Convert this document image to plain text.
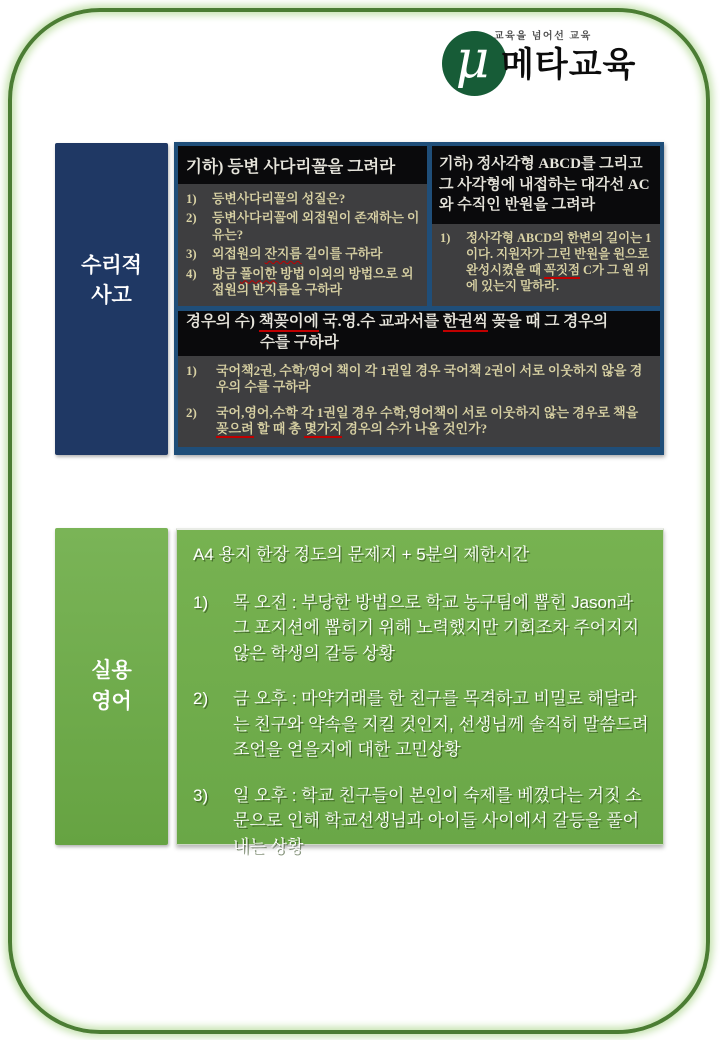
μ 교육을 넘어선 교육
메타교육
수리적
사고
기하) 등변 사다리꼴을 그려라
1)	등변사다리꼴의 성질은?
2)	등변사다리꼴에 외접원이 존재하는 이유는?
3)	외접원의 잔지름 길이를 구하라
4)	방금 풀이한 방법 이외의 방법으로 외접원의 반지름을 구하라
기하) 정사각형 ABCD를 그리고
그 사각형에 내접하는 대각선 AC
와 수직인 반원을 그려라
1)	정사각형 ABCD의 한변의 길이는 1이다. 지원자가 그린 반원을 원으로 완성시켰을 때 꼭짓점 C가 그 원 위에 있는지 말하라.
경우의 수) 책꽂이에 국.영.수 교과서를 한권씩 꽂을 때 그 경우의
수를 구하라
1)	국어책2권, 수학/영어 책이 각 1권일 경우 국어책 2권이 서로 이웃하지 않을 경우의 수를 구하라
2)	국어,영어,수학 각 1권일 경우 수학,영어책이 서로 이웃하지 않는 경우로 책을 꽂으려 할 때 총 몇가지 경우의 수가 나올 것인가?
실용
영어
A4 용지 한장 정도의 문제지 + 5분의 제한시간
1)	목 오전 : 부당한 방법으로 학교 농구팀에 뽑힌 Jason과 그 포지션에 뽑히기 위해 노력했지만 기회조차 주어지지 않은 학생의 갈등 상황
2)	금 오후 : 마약거래를 한 친구를 목격하고 비밀로 해달라는 친구와 약속을 지킬 것인지, 선생님께 솔직히 말씀드려 조언을 얻을지에 대한 고민상황
3)	일 오후 : 학교 친구들이 본인이 숙제를 베꼈다는 거짓 소문으로 인해 학교선생님과 아이들 사이에서 갈등을 풀어내는 상황
